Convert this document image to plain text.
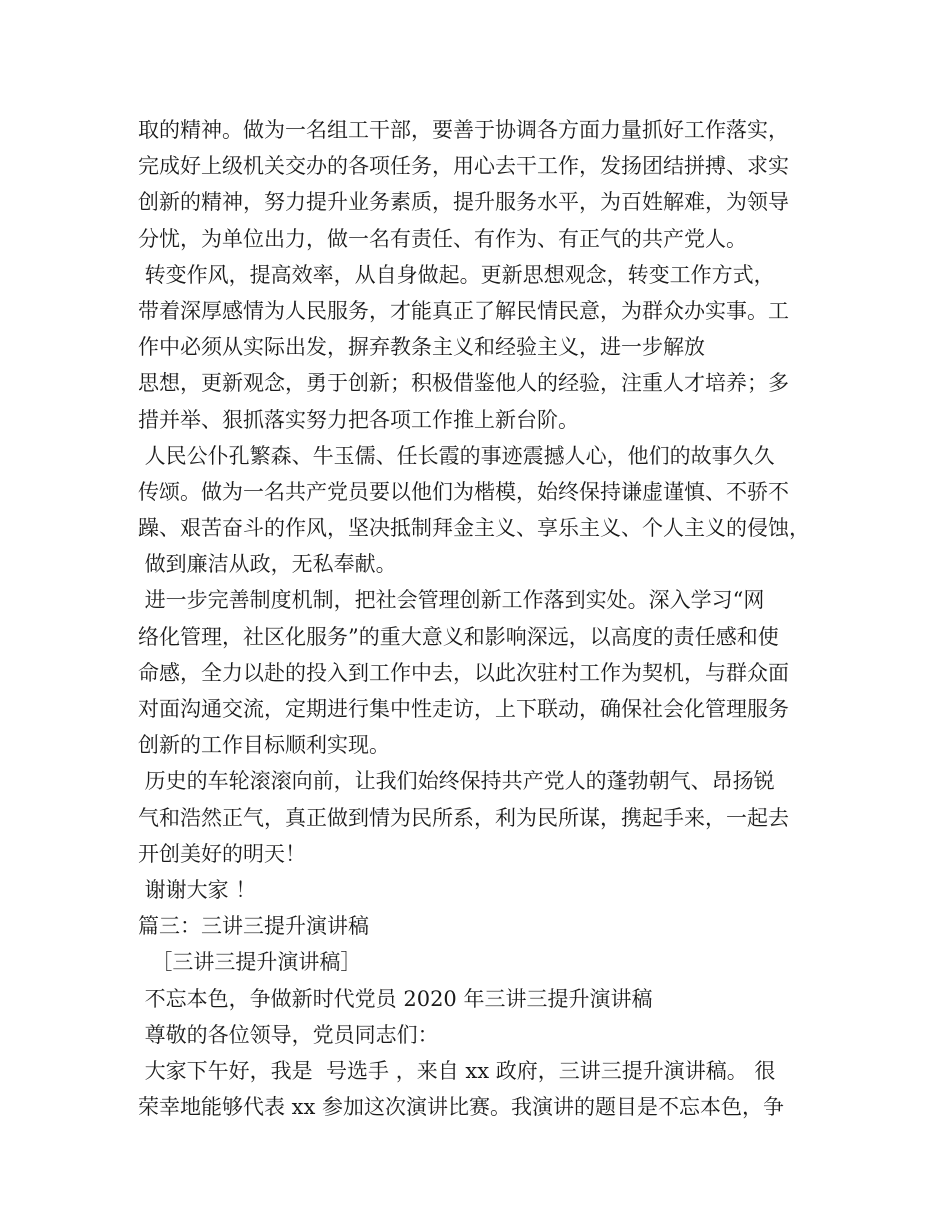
取的精神。做为一名组工干部，要善于协调各方面力量抓好工作落实，
完成好上级机关交办的各项任务，用心去干工作，发扬团结拼搏、求实
创新的精神，努力提升业务素质，提升服务水平，为百姓解难，为领导
分忧，为单位出力，做一名有责任、有作为、有正气的共产党人。
转变作风，提高效率，从自身做起。更新思想观念，转变工作方式，
带着深厚感情为人民服务，才能真正了解民情民意，为群众办实事。工
作中必须从实际出发，摒弃教条主义和经验主义，进一步解放
思想，更新观念，勇于创新；积极借鉴他人的经验，注重人才培养；多
措并举、狠抓落实努力把各项工作推上新台阶。
人民公仆孔繁森、牛玉儒、任长霞的事迹震撼人心，他们的故事久久
传颂。做为一名共产党员要以他们为楷模，始终保持谦虚谨慎、不骄不
躁、艰苦奋斗的作风，坚决抵制拜金主义、享乐主义、个人主义的侵蚀，
做到廉洁从政，无私奉献。
进一步完善制度机制，把社会管理创新工作落到实处。深入学习“网
络化管理，社区化服务”的重大意义和影响深远，以高度的责任感和使
命感，全力以赴的投入到工作中去，以此次驻村工作为契机，与群众面
对面沟通交流，定期进行集中性走访，上下联动，确保社会化管理服务
创新的工作目标顺利实现。
历史的车轮滚滚向前，让我们始终保持共产党人的蓬勃朝气、昂扬锐
气和浩然正气，真正做到情为民所系，利为民所谋，携起手来，一起去
开创美好的明天！
谢谢大家 ！
篇三：三讲三提升演讲稿
［三讲三提升演讲稿］
不忘本色，争做新时代党员 2020 年三讲三提升演讲稿
尊敬的各位领导，党员同志们：
大家下午好，我是  号选手 ，来自 xx 政府，三讲三提升演讲稿。 很
荣幸地能够代表 xx 参加这次演讲比赛。我演讲的题目是不忘本色，争
